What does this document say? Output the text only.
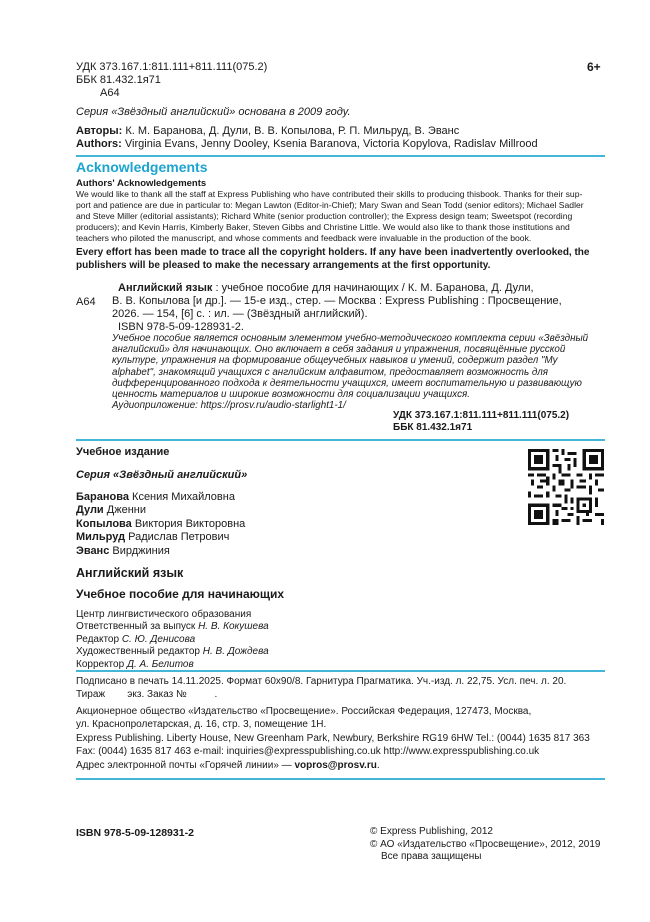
УДК 373.167.1:811.111+811.111(075.2)
ББК 81.432.1я71
А64
6+
Серия «Звёздный английский» основана в 2009 году.
Авторы: К. М. Баранова, Д. Дули, В. В. Копылова, Р. П. Мильруд, В. Эванс
Authors: Virginia Evans, Jenny Dooley, Ksenia Baranova, Victoria Kopylova, Radislav Millrood
Acknowledgements
Authors' Acknowledgements
We would like to thank all the staff at Express Publishing who have contributed their skills to producing thisbook. Thanks for their sup-
port and patience are due in particular to: Megan Lawton (Editor-in-Chief); Mary Swan and Sean Todd (senior editors); Michael Sadler
and Steve Miller (editorial assistants); Richard White (senior production controller); the Express design team; Sweetspot (recording
producers); and Kevin Harris, Kimberly Baker, Steven Gibbs and Christine Little. We would also like to thank those institutions and
teachers who piloted the manuscript, and whose comments and feedback were invaluable in the production of the book.
Every effort has been made to trace all the copyright holders. If any have been inadvertently overlooked, the
publishers will be pleased to make the necessary arrangements at the first opportunity.
А64
Английский язык : учебное пособие для начинающих / К. М. Баранова, Д. Дули,
В. В. Копылова [и др.]. — 15-е изд., стер. — Москва : Express Publishing : Просвещение,
2026. — 154, [6] с. : ил. — (Звёздный английский).
ISBN 978-5-09-128931-2.
Учебное пособие является основным элементом учебно-методического комплекта серии «Звёздный
английский» для начинающих. Оно включает в себя задания и упражнения, посвящённые русской
культуре, упражнения на формирование общеучебных навыков и умений, содержит раздел "My
alphabet", знакомящий учащихся с английским алфавитом, предоставляет возможность для
дифференцированного подхода к деятельности учащихся, имеет воспитательную и развивающую
ценность материалов и широкие возможности для социализации учащихся.
Аудиоприложение: https://prosv.ru/audio-starlight1-1/
УДК 373.167.1:811.111+811.111(075.2)
ББК 81.432.1я71
Учебное издание
Серия «Звёздный английский»
Баранова Ксения Михайловна
Дули Дженни
Копылова Виктория Викторовна
Мильруд Радислав Петрович
Эванс Вирджиния
Английский язык
Учебное пособие для начинающих
Центр лингвистического образования
Ответственный за выпуск Н. В. Кокушева
Редактор С. Ю. Денисова
Художественный редактор Н. В. Дождева
Корректор Д. А. Белитов
Подписано в печать 14.11.2025. Формат 60x90/8. Гарнитура Прагматика. Уч.-изд. л. 22,75. Усл. печ. л. 20.
Тираж        экз. Заказ №          .
Акционерное общество «Издательство «Просвещение». Российская Федерация, 127473, Москва,
ул. Краснопролетарская, д. 16, стр. 3, помещение 1Н.
Express Publishing. Liberty House, New Greenham Park, Newbury, Berkshire RG19 6HW Tel.: (0044) 1635 817 363
Fax: (0044) 1635 817 463 e-mail: inquiries@expresspublishing.co.uk http://www.expresspublishing.co.uk
Адрес электронной почты «Горячей линии» — vopros@prosv.ru.
ISBN 978-5-09-128931-2	© Express Publishing, 2012
© АО «Издательство «Просвещение», 2012, 2019
Все права защищены
